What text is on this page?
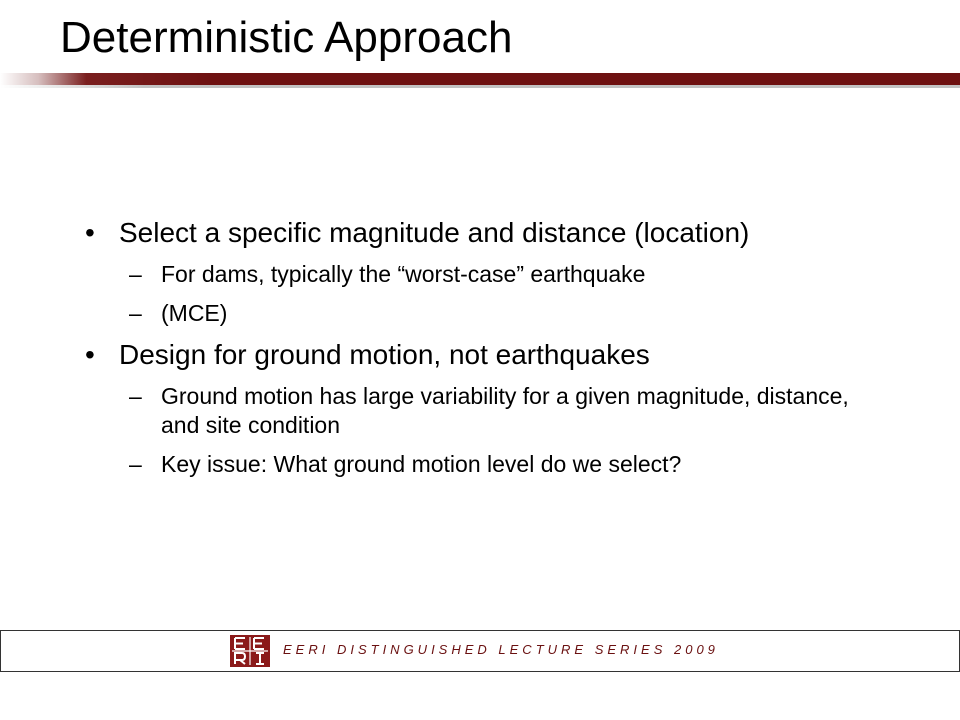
Deterministic Approach
• Select a specific magnitude and distance (location)
– For dams, typically the “worst-case” earthquake
– (MCE)
• Design for ground motion, not earthquakes
– Ground motion has large variability for a given magnitude, distance, and site condition
– Key issue: What ground motion level do we select?
EERI DISTINGUISHED LECTURE SERIES 2009
